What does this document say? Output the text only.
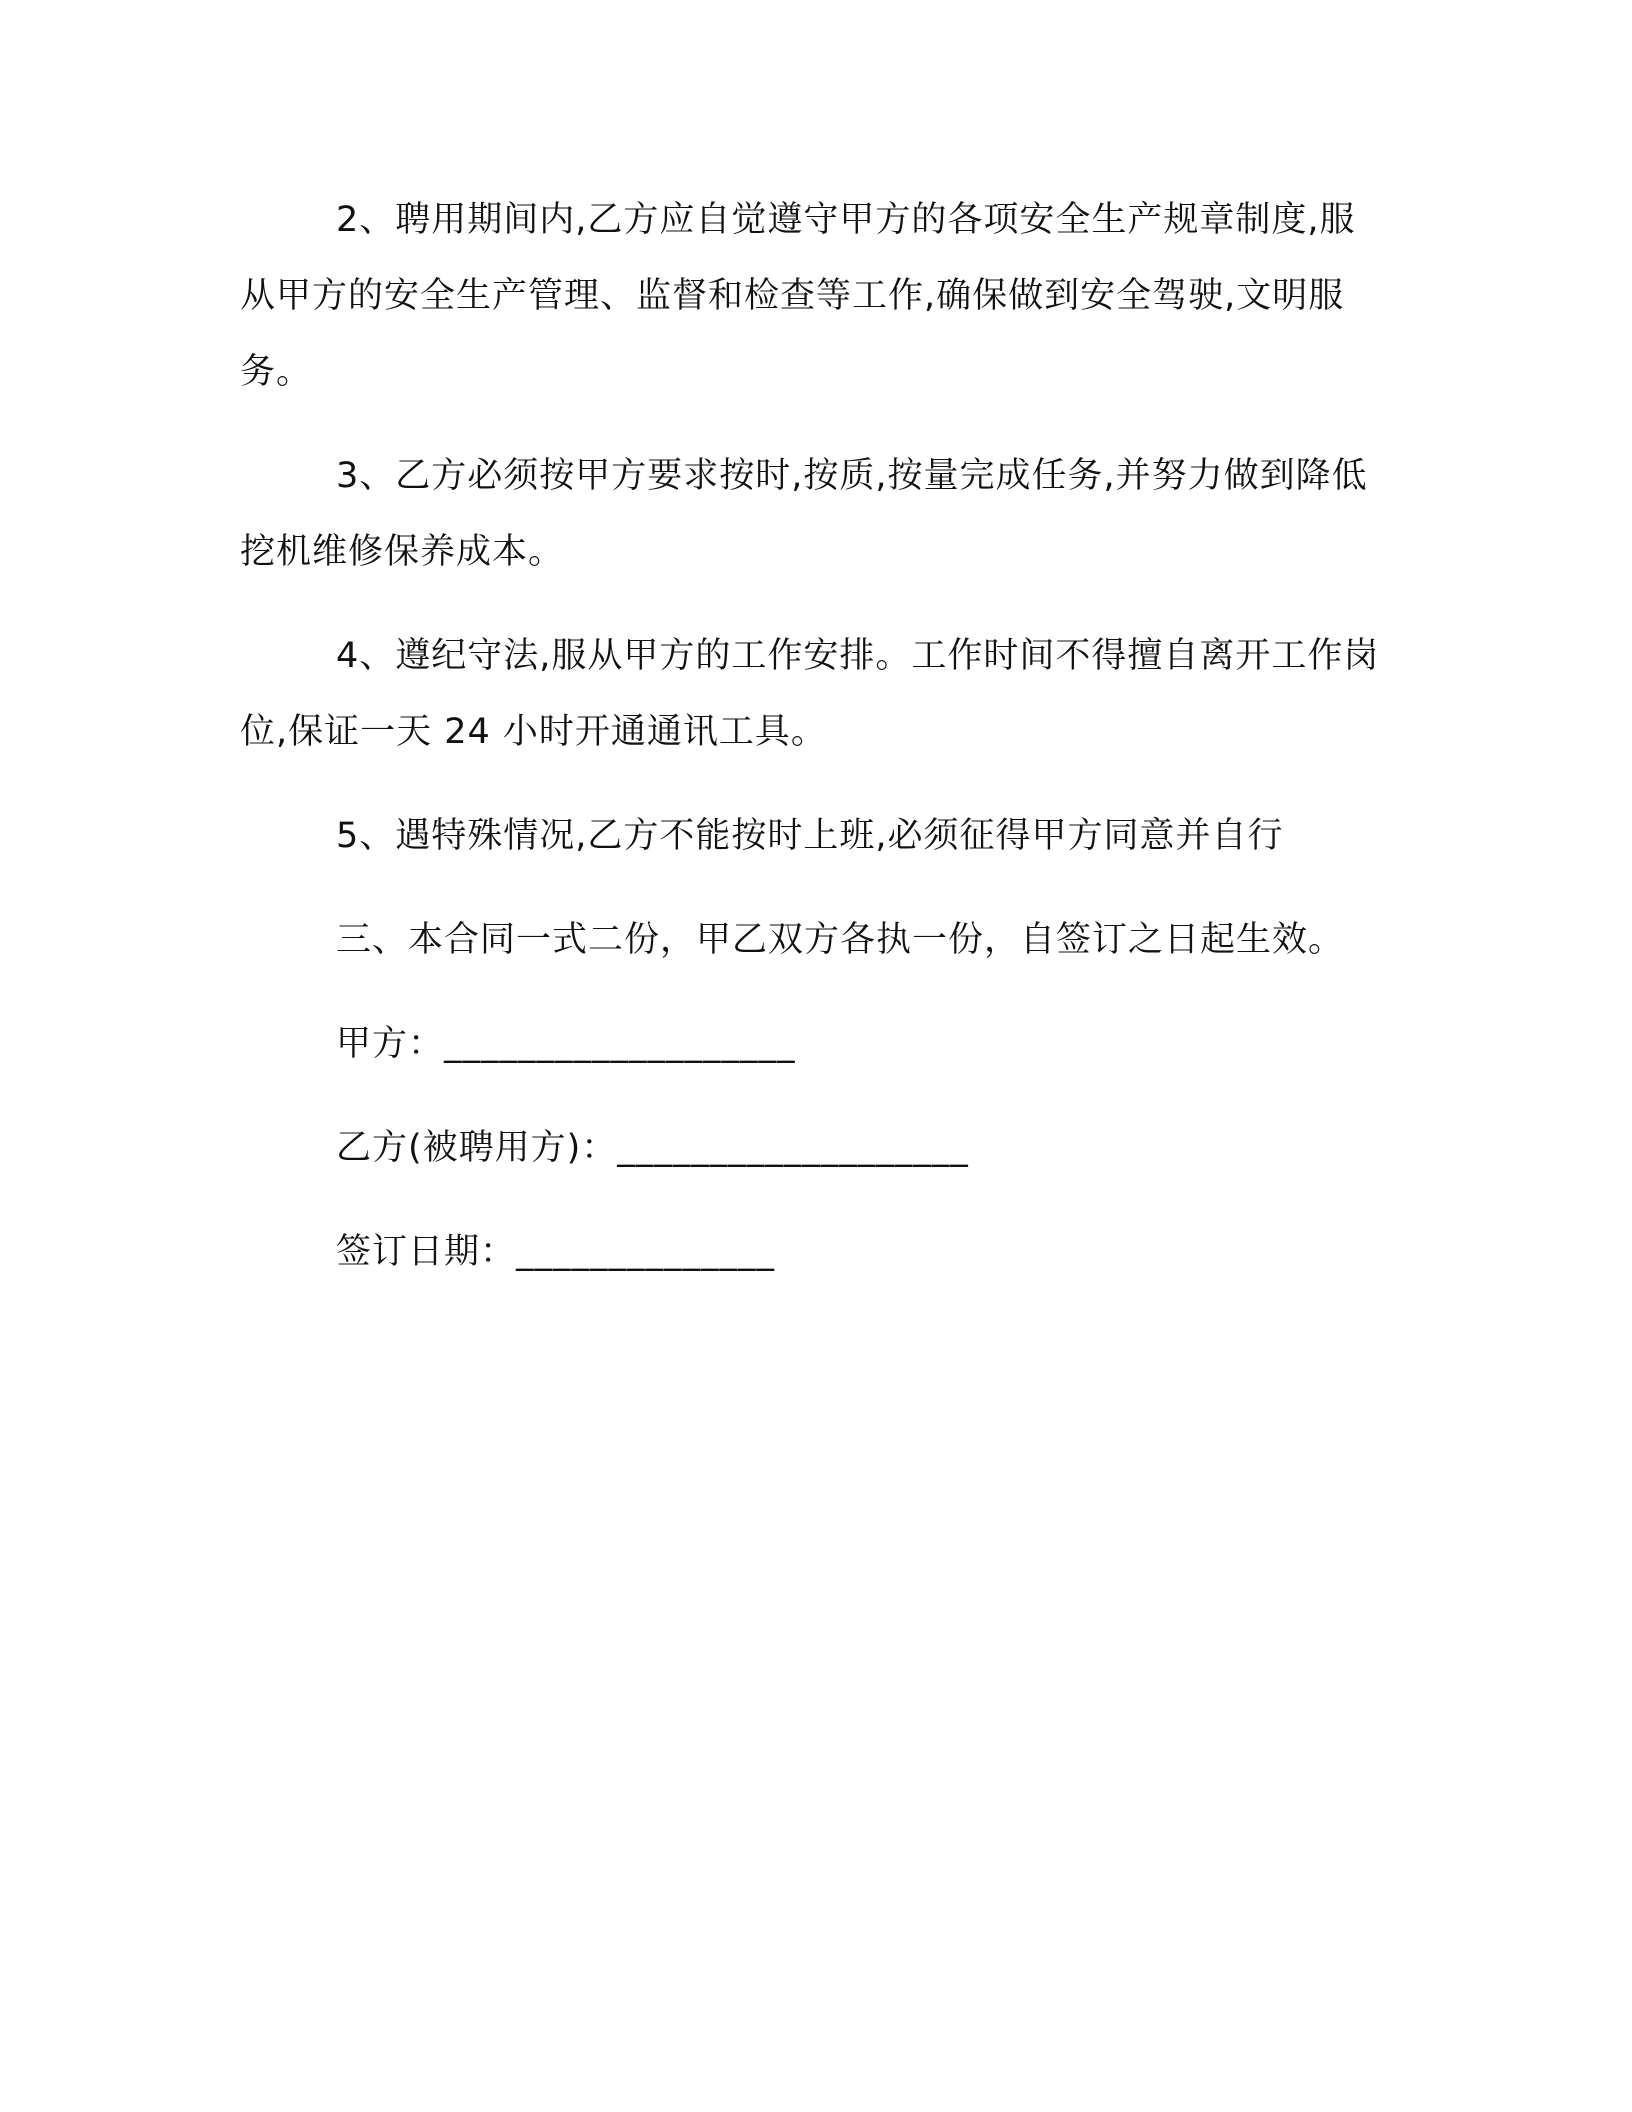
2、聘用期间内,乙方应自觉遵守甲方的各项安全生产规章制度,服从甲方的安全生产管理、监督和检查等工作,确保做到安全驾驶,文明服务。

3、乙方必须按甲方要求按时,按质,按量完成任务,并努力做到降低挖机维修保养成本。

4、遵纪守法,服从甲方的工作安排。工作时间不得擅自离开工作岗位,保证一天 24 小时开通通讯工具。

5、遇特殊情况,乙方不能按时上班,必须征得甲方同意并自行

三、本合同一式二份，甲乙双方各执一份，自签订之日起生效。

甲方：___________________

乙方(被聘用方)：___________________

签订日期：______________
